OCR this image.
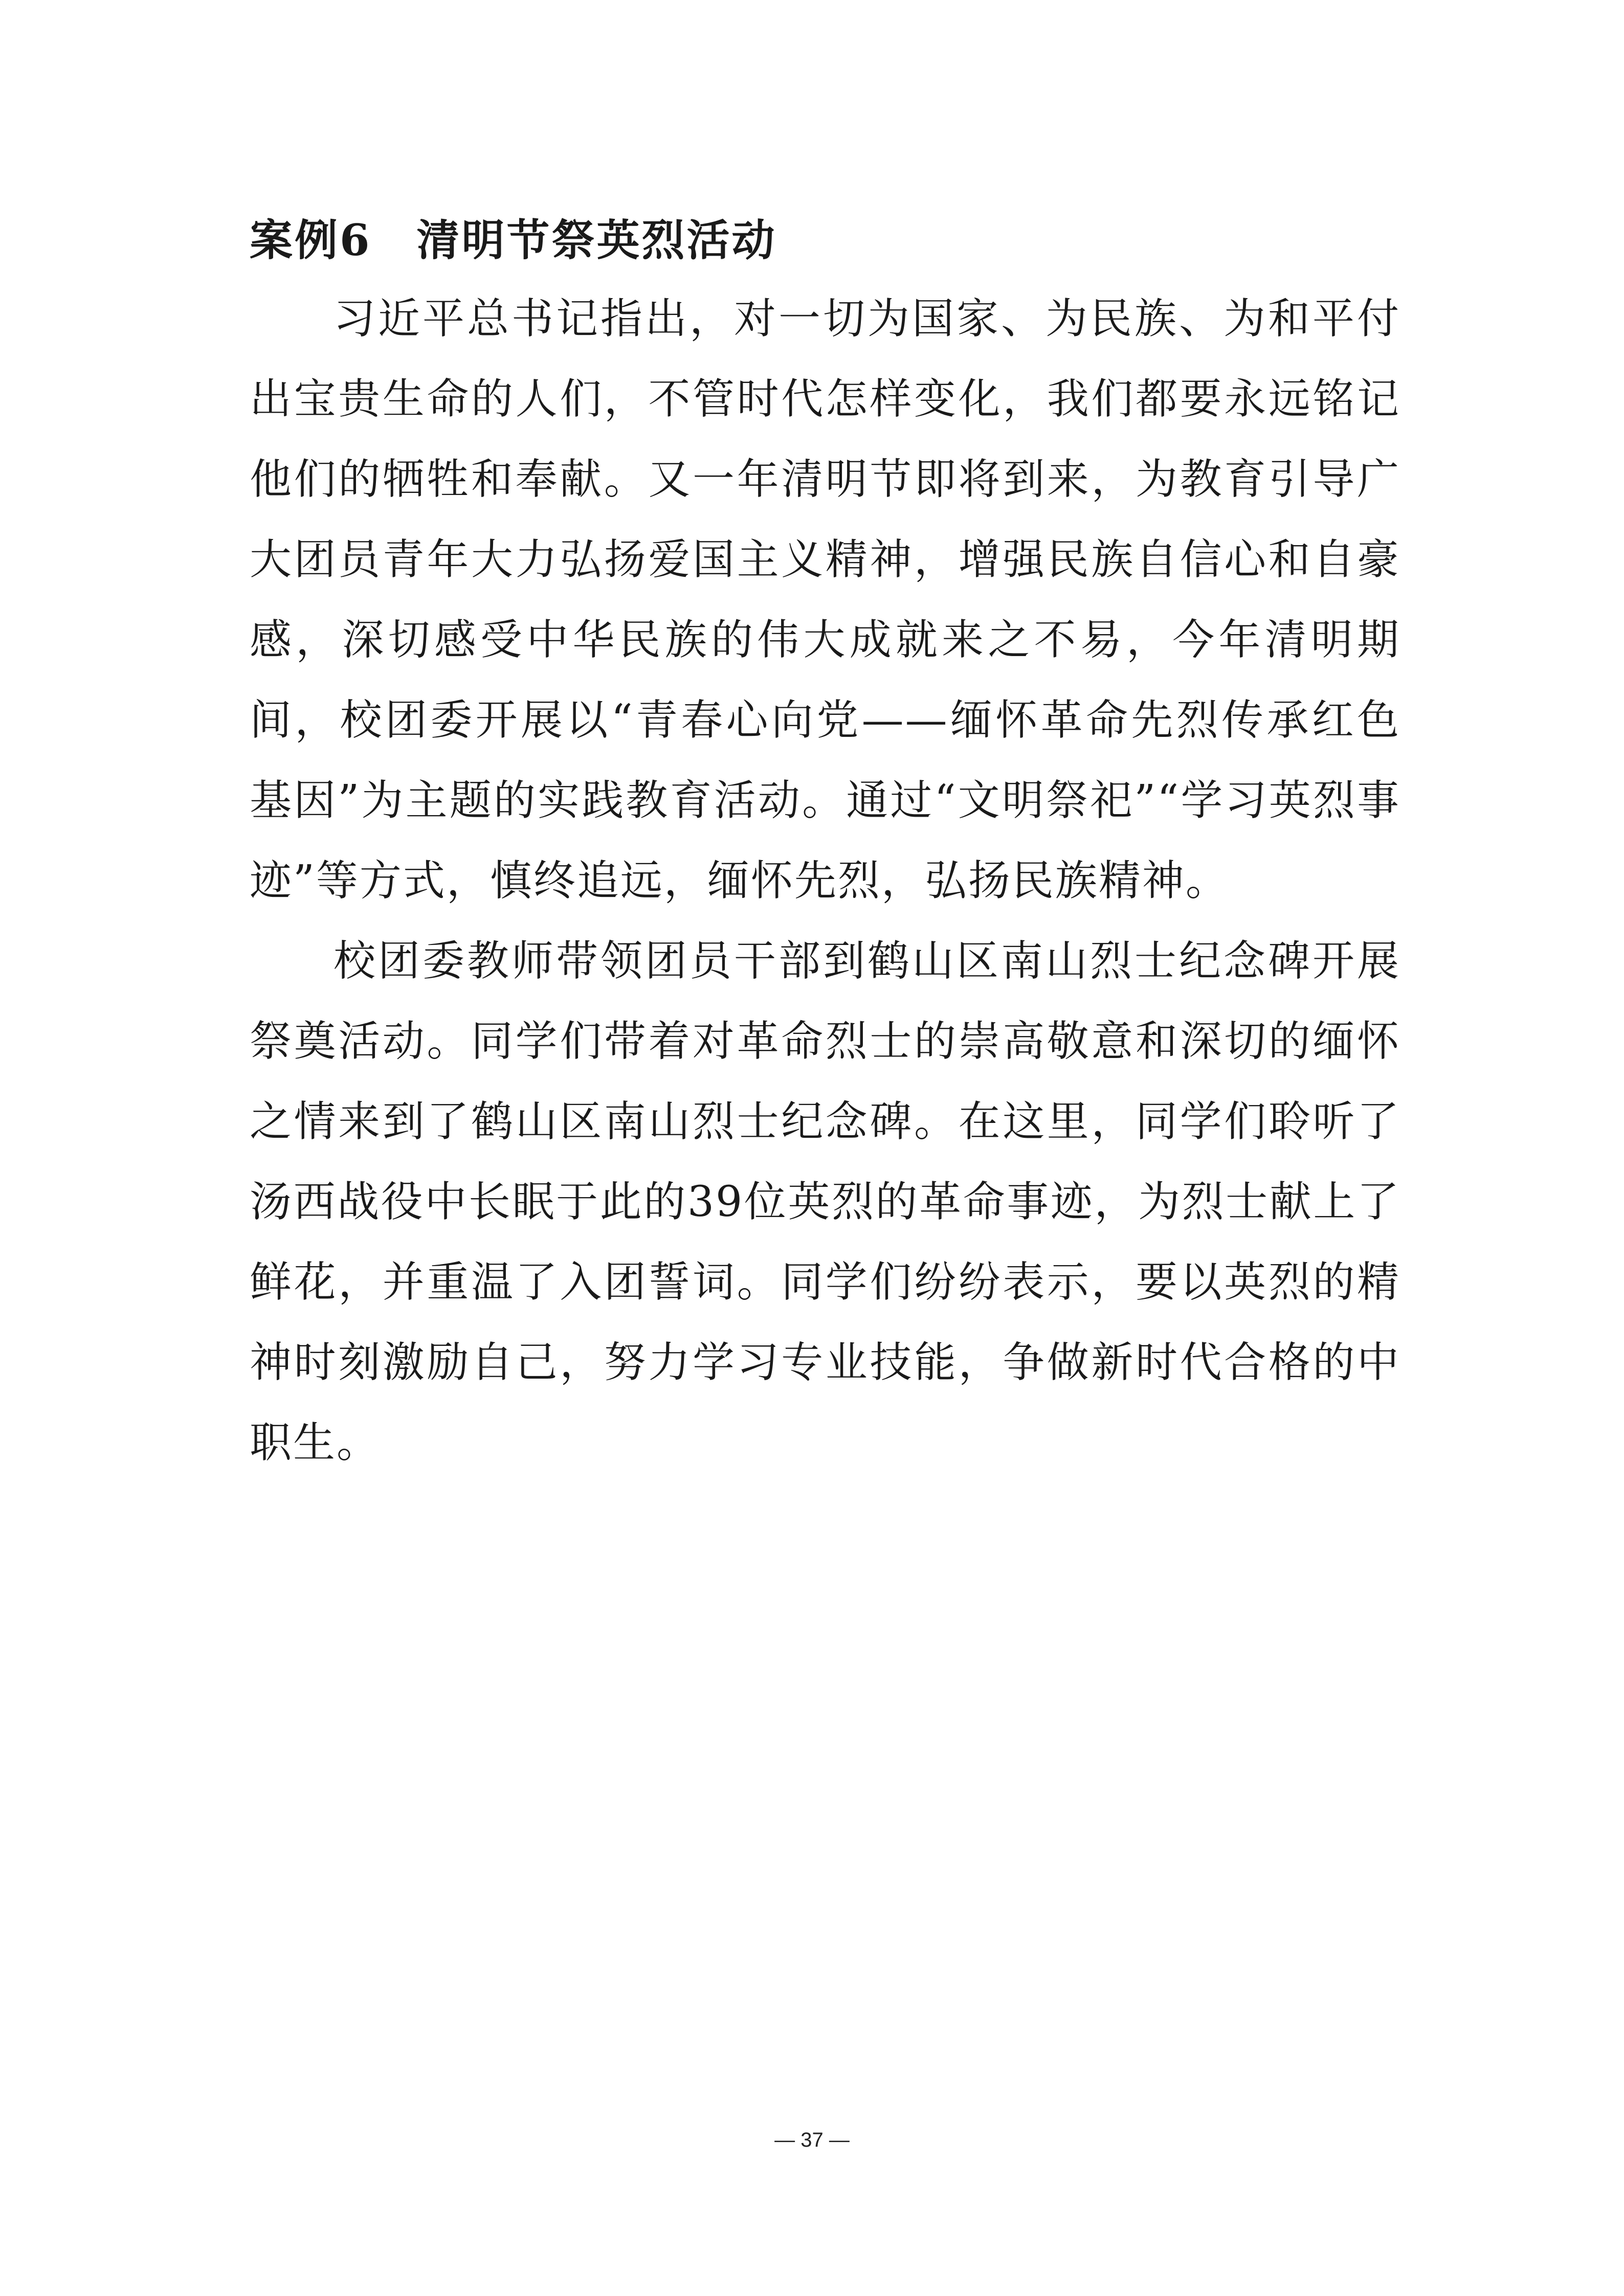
案例6　清明节祭英烈活动

习近平总书记指出，对一切为国家、为民族、为和平付出宝贵生命的人们，不管时代怎样变化，我们都要永远铭记他们的牺牲和奉献。又一年清明节即将到来，为教育引导广大团员青年大力弘扬爱国主义精神，增强民族自信心和自豪感，深切感受中华民族的伟大成就来之不易，今年清明期间，校团委开展以“青春心向党——缅怀革命先烈传承红色基因”为主题的实践教育活动。通过“文明祭祀”“学习英烈事迹”等方式，慎终追远，缅怀先烈，弘扬民族精神。

校团委教师带领团员干部到鹤山区南山烈士纪念碑开展祭奠活动。同学们带着对革命烈士的崇高敬意和深切的缅怀之情来到了鹤山区南山烈士纪念碑。在这里，同学们聆听了汤西战役中长眠于此的39位英烈的革命事迹，为烈士献上了鲜花，并重温了入团誓词。同学们纷纷表示，要以英烈的精神时刻激励自己，努力学习专业技能，争做新时代合格的中职生。

— 37 —
